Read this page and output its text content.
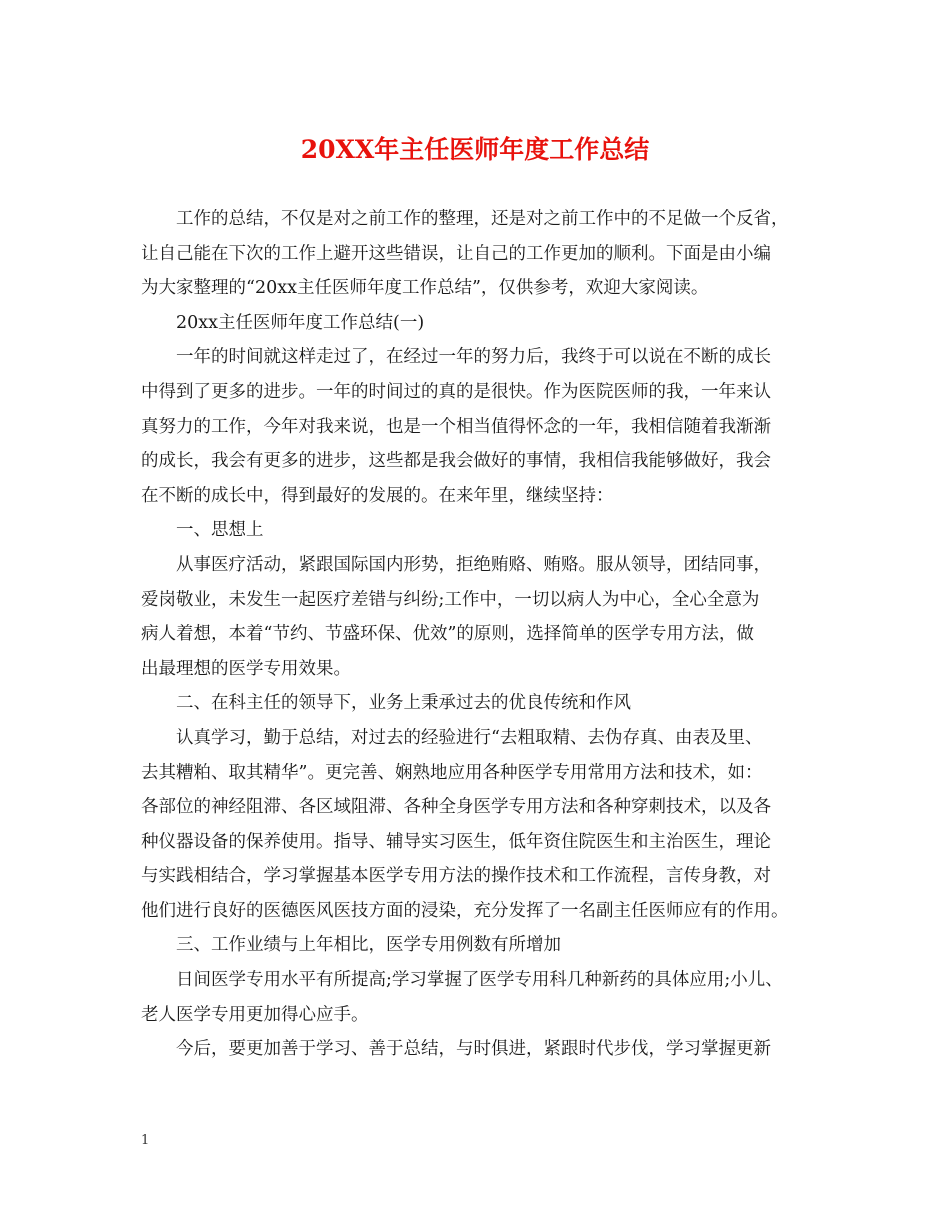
20XX年主任医师年度工作总结
工作的总结，不仅是对之前工作的整理，还是对之前工作中的不足做一个反省，
让自己能在下次的工作上避开这些错误，让自己的工作更加的顺利。下面是由小编
为大家整理的“20xx主任医师年度工作总结”，仅供参考，欢迎大家阅读。
20xx主任医师年度工作总结(一)
一年的时间就这样走过了，在经过一年的努力后，我终于可以说在不断的成长
中得到了更多的进步。一年的时间过的真的是很快。作为医院医师的我，一年来认
真努力的工作，今年对我来说，也是一个相当值得怀念的一年，我相信随着我渐渐
的成长，我会有更多的进步，这些都是我会做好的事情，我相信我能够做好，我会
在不断的成长中，得到最好的发展的。在来年里，继续坚持：
一、思想上
从事医疗活动，紧跟国际国内形势，拒绝贿赂、贿赂。服从领导，团结同事，
爱岗敬业，未发生一起医疗差错与纠纷;工作中，一切以病人为中心，全心全意为
病人着想，本着“节约、节盛环保、优效”的原则，选择简单的医学专用方法，做
出最理想的医学专用效果。
二、在科主任的领导下，业务上秉承过去的优良传统和作风
认真学习，勤于总结，对过去的经验进行“去粗取精、去伪存真、由表及里、
去其糟粕、取其精华”。更完善、娴熟地应用各种医学专用常用方法和技术，如：
各部位的神经阻滞、各区域阻滞、各种全身医学专用方法和各种穿刺技术，以及各
种仪器设备的保养使用。指导、辅导实习医生，低年资住院医生和主治医生，理论
与实践相结合，学习掌握基本医学专用方法的操作技术和工作流程，言传身教，对
他们进行良好的医德医风医技方面的浸染，充分发挥了一名副主任医师应有的作用。
三、工作业绩与上年相比，医学专用例数有所增加
日间医学专用水平有所提高;学习掌握了医学专用科几种新药的具体应用;小儿、
老人医学专用更加得心应手。
今后，要更加善于学习、善于总结，与时俱进，紧跟时代步伐，学习掌握更新
1
